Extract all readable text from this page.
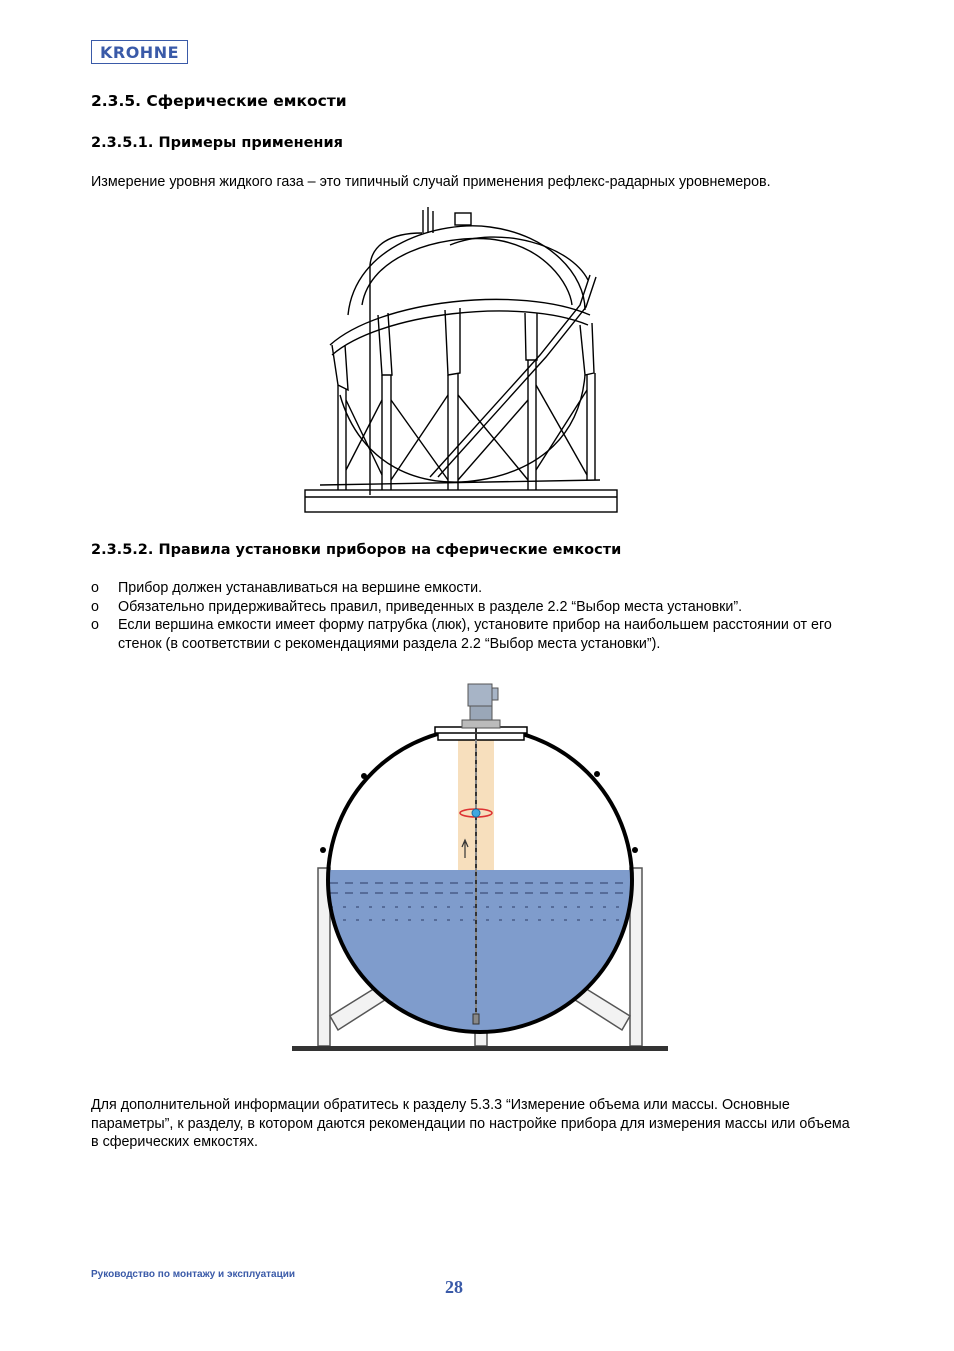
KROHNE
2.3.5. Сферические емкости
2.3.5.1. Примеры применения
Измерение уровня жидкого газа – это типичный случай применения рефлекс-радарных уровнемеров.
2.3.5.2. Правила установки приборов на сферические емкости
o Прибор должен устанавливаться на вершине емкости.
o Обязательно придерживайтесь правил, приведенных в разделе 2.2 “Выбор места установки”.
o Если вершина емкости имеет форму патрубка (люк), установите прибор на наибольшем расстоянии от его стенок (в соответствии с рекомендациями раздела 2.2 “Выбор места установки”).
Для дополнительной информации обратитесь к разделу 5.3.3 “Измерение объема или массы. Основные параметры”, к разделу, в котором даются рекомендации по настройке прибора для измерения массы или объема в сферических емкостях.
Руководство по монтажу и эксплуатации
28
